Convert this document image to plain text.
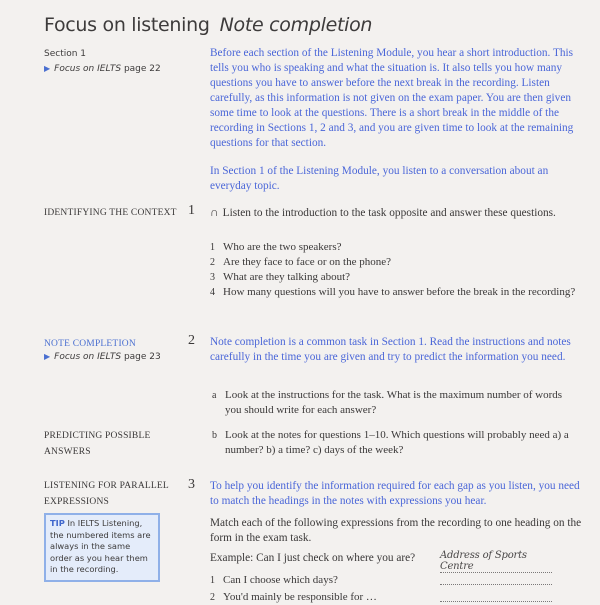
Focus on listening Note completion
Section 1
▶ Focus on IELTS page 22
Before each section of the Listening Module, you hear a short introduction. This tells you who is speaking and what the situation is. It also tells you how many questions you have to answer before the next break in the recording. Listen carefully, as this information is not given on the exam paper. You are then given some time to look at the questions. There is a short break in the middle of the recording in Sections 1, 2 and 3, and you are given time to look at the remaining questions for that section.
In Section 1 of the Listening Module, you listen to a conversation about an everyday topic.
IDENTIFYING THE CONTEXT 1 ∩ Listen to the introduction to the task opposite and answer these questions.
1 Who are the two speakers?
2 Are they face to face or on the phone?
3 What are they talking about?
4 How many questions will you have to answer before the break in the recording?
NOTE COMPLETION
▶ Focus on IELTS page 23
2 Note completion is a common task in Section 1. Read the instructions and notes carefully in the time you are given and try to predict the information you need.
a Look at the instructions for the task. What is the maximum number of words you should write for each answer?
PREDICTING POSSIBLE ANSWERS
b Look at the notes for questions 1–10. Which questions will probably need a) a number? b) a time? c) days of the week?
LISTENING FOR PARALLEL EXPRESSIONS
3 To help you identify the information required for each gap as you listen, you need to match the headings in the notes with expressions you hear.
Match each of the following expressions from the recording to one heading on the form in the exam task.
Example: Can I just check on where you are?	Address of Sports Centre
1 Can I choose which days?
2 You'd mainly be responsible for …
TIP In IELTS Listening, the numbered items are always in the same order as you hear them in the recording.
